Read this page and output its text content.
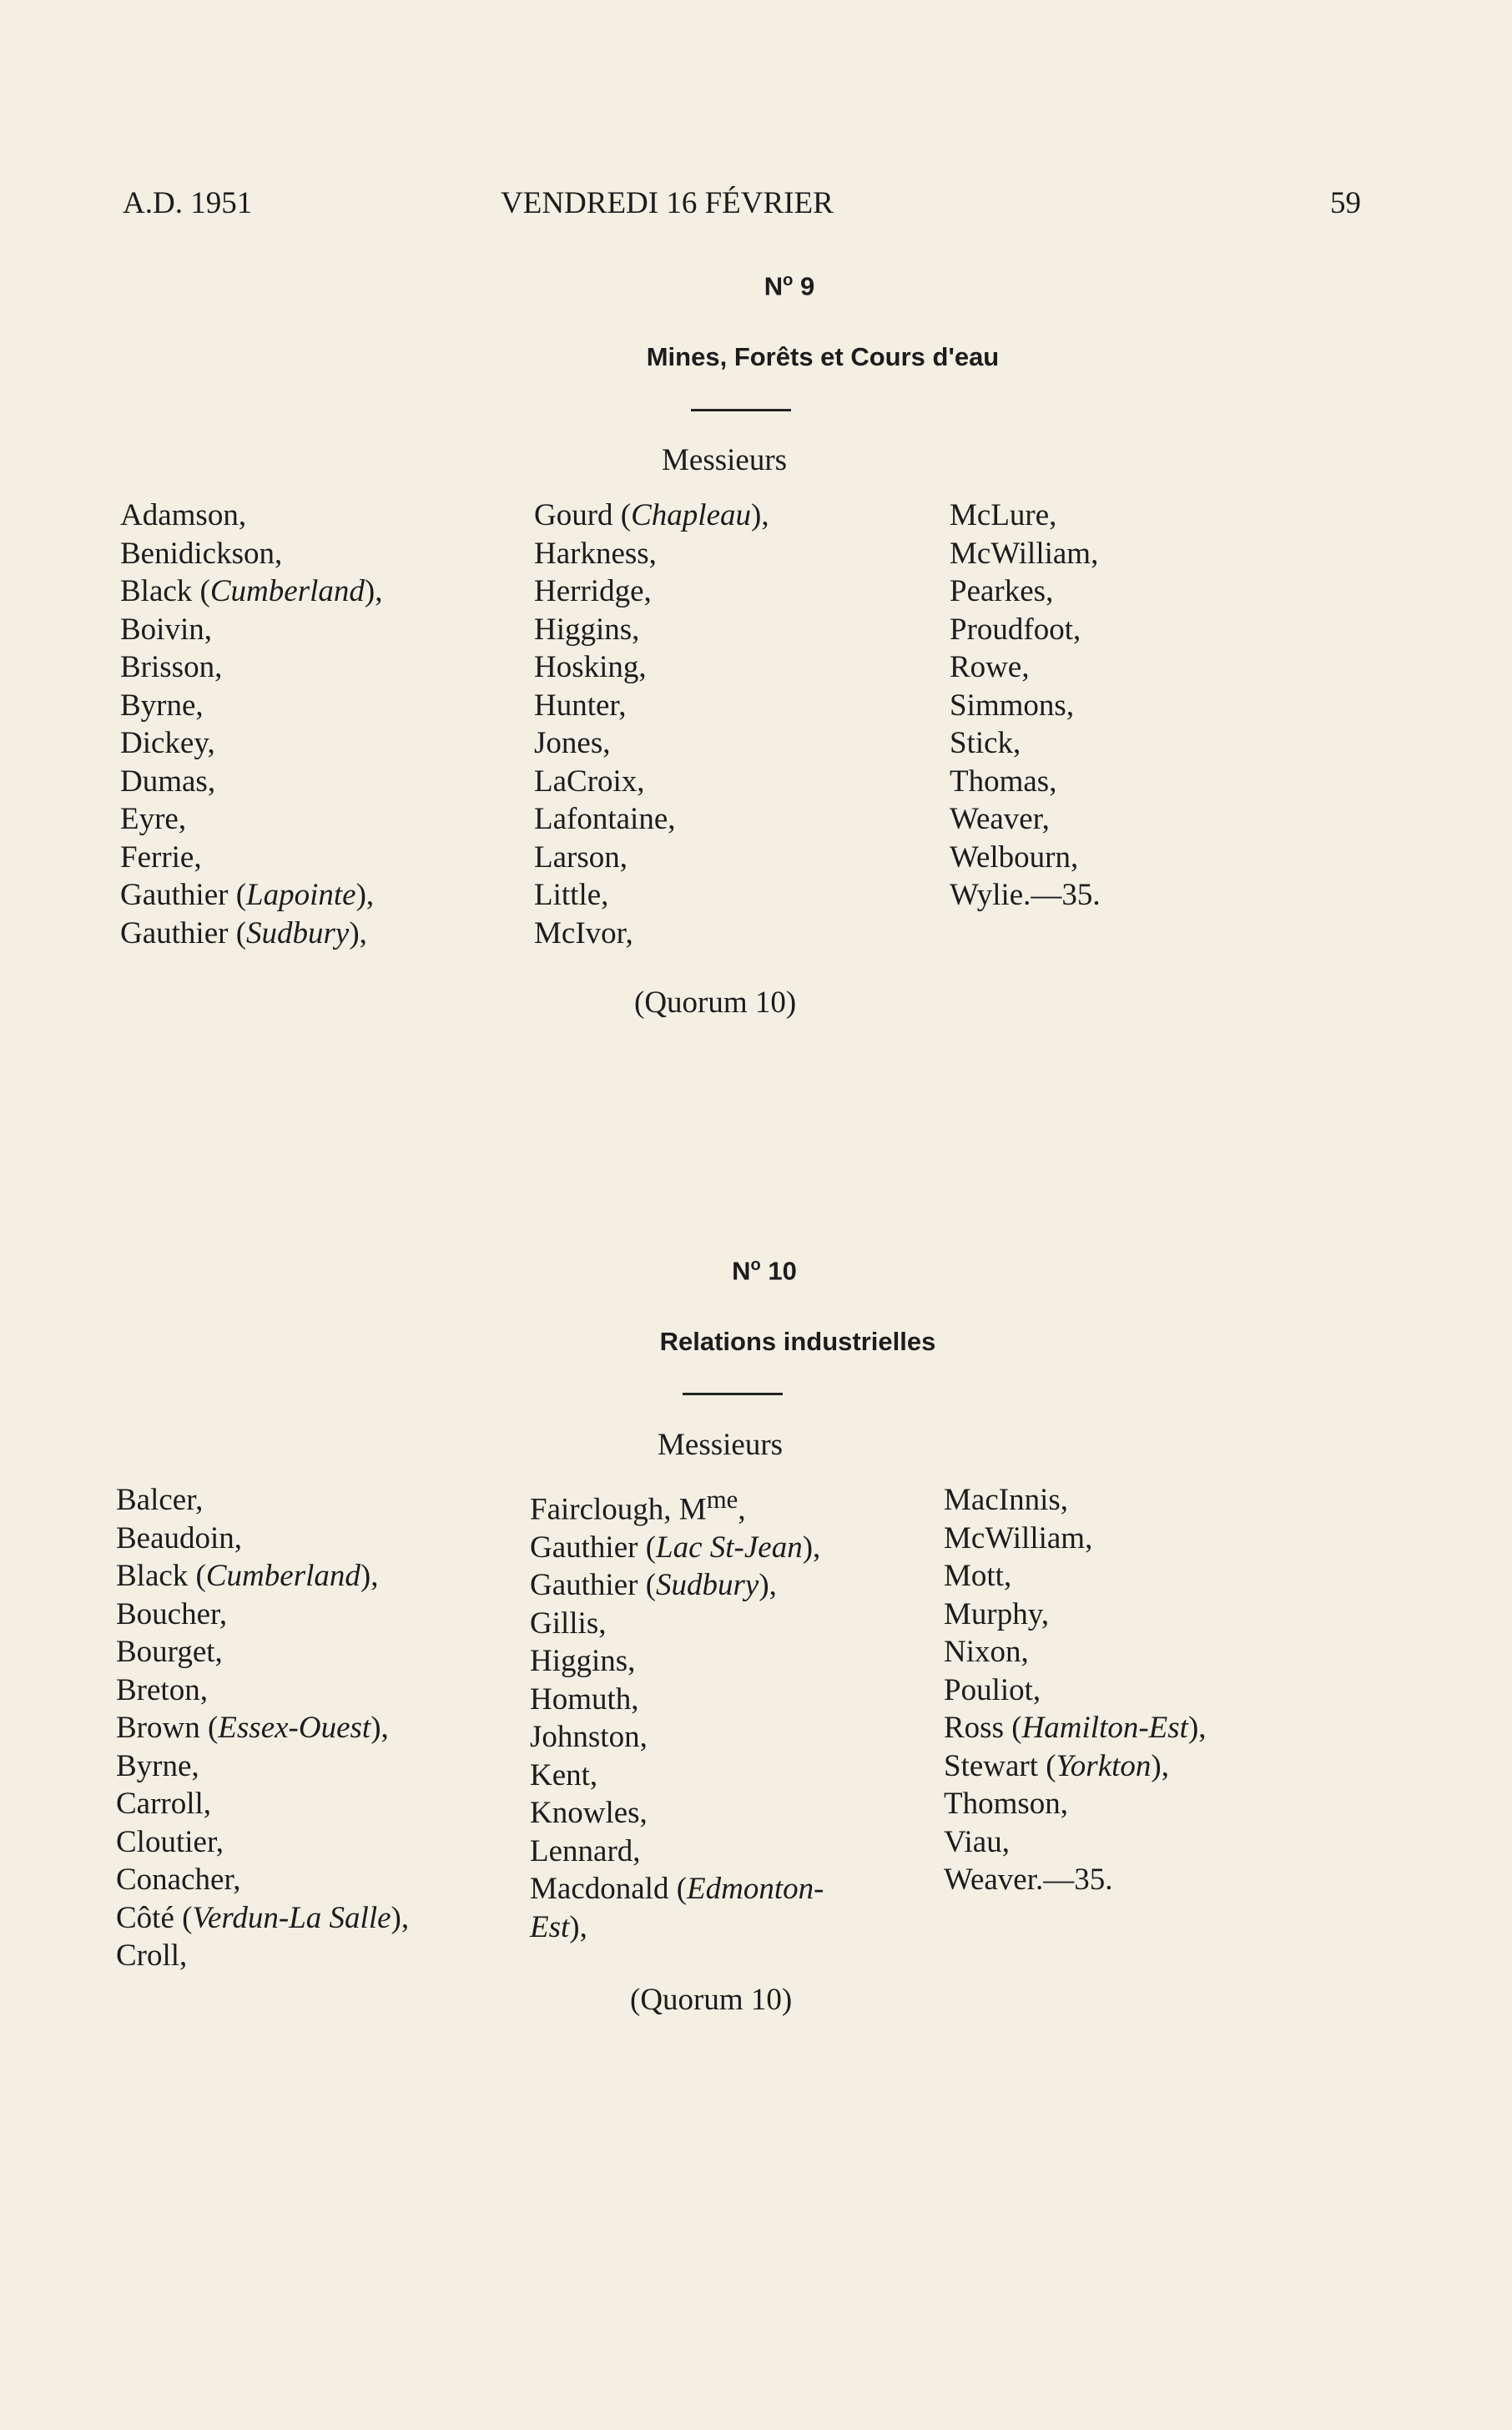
A.D. 1951	VENDREDI 16 FÉVRIER	59
$N^o$ 9
Mines, Forêts et Cours d'eau
Messieurs
Adamson,
Benidickson,
Black (Cumberland),
Boivin,
Brisson,
Byrne,
Dickey,
Dumas,
Eyre,
Ferrie,
Gauthier (Lapointe),
Gauthier (Sudbury),
Gourd (Chapleau),
Harkness,
Herridge,
Higgins,
Hosking,
Hunter,
Jones,
LaCroix,
Lafontaine,
Larson,
Little,
McIvor,
McLure,
McWilliam,
Pearkes,
Proudfoot,
Rowe,
Simmons,
Stick,
Thomas,
Weaver,
Welbourn,
Wylie.—35.
(Quorum 10)
$N^o$ 10
Relations industrielles
Messieurs
Balcer,
Beaudoin,
Black (Cumberland),
Boucher,
Bourget,
Breton,
Brown (Essex-Ouest),
Byrne,
Carroll,
Cloutier,
Conacher,
Côté (Verdun-La Salle),
Croll,
Fairclough, $M^{me}$,
Gauthier (Lac St-Jean),
Gauthier (Sudbury),
Gillis,
Higgins,
Homuth,
Johnston,
Kent,
Knowles,
Lennard,
Macdonald (Edmonton-
Est),
MacInnis,
McWilliam,
Mott,
Murphy,
Nixon,
Pouliot,
Ross (Hamilton-Est),
Stewart (Yorkton),
Thomson,
Viau,
Weaver.—35.
(Quorum 10)
